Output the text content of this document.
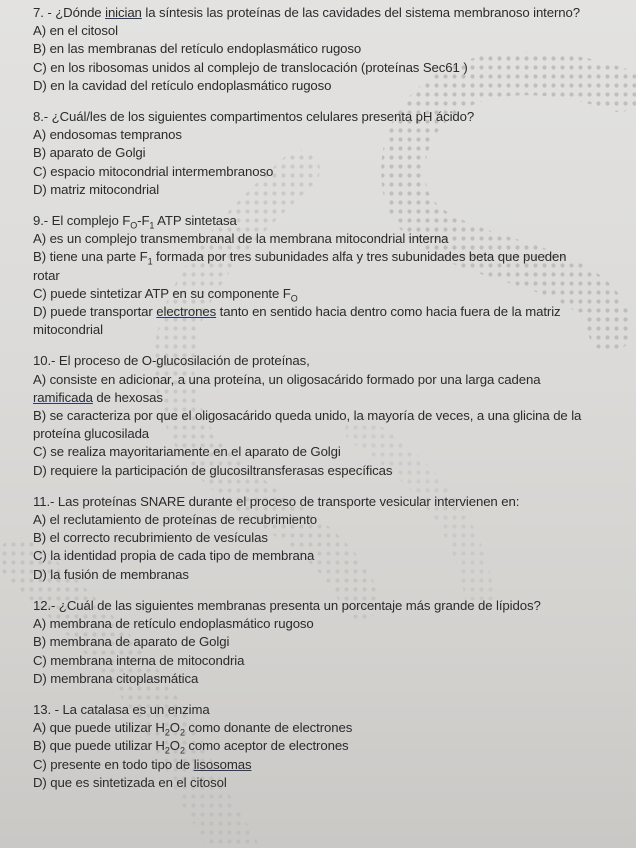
7. - ¿Dónde inician la síntesis las proteínas de las cavidades del sistema membranoso interno?
A) en el citosol
B) en las membranas del retículo endoplasmático rugoso
C) en los ribosomas unidos al complejo de translocación (proteínas Sec61 )
D) en la cavidad del retículo endoplasmático rugoso
8.- ¿Cuál/les de los siguientes compartimentos celulares presenta pH ácido?
A) endosomas tempranos
B) aparato de Golgi
C) espacio mitocondrial intermembranoso
D) matriz mitocondrial
9.- El complejo $F_O-F_1$ ATP sintetasa
A) es un complejo transmembranal de la membrana mitocondrial interna
B) tiene una parte $F_1$ formada por tres subunidades alfa y tres subunidades beta que pueden
rotar
C) puede sintetizar ATP en su componente $F_O$
D) puede transportar electrones tanto en sentido hacia dentro como hacia fuera de la matriz
mitocondrial
10.- El proceso de O-glucosilación de proteínas,
A) consiste en adicionar, a una proteína, un oligosacárido formado por una larga cadena
ramificada de hexosas
B) se caracteriza por que el oligosacárido queda unido, la mayoría de veces, a una glicina de la
proteína glucosilada
C) se realiza mayoritariamente en el aparato de Golgi
D) requiere la participación de glucosiltransferasas específicas
11.- Las proteínas SNARE durante el proceso de transporte vesicular intervienen en:
A) el reclutamiento de proteínas de recubrimiento
B) el correcto recubrimiento de vesículas
C) la identidad propia de cada tipo de membrana
D) la fusión de membranas
12.- ¿Cuál de las siguientes membranas presenta un porcentaje más grande de lípidos?
A) membrana de retículo endoplasmático rugoso
B) membrana de aparato de Golgi
C) membrana interna de mitocondria
D) membrana citoplasmática
13. - La catalasa es un enzima
A) que puede utilizar $H_2O_2$ como donante de electrones
B) que puede utilizar $H_2O_2$ como aceptor de electrones
C) presente en todo tipo de lisosomas
D) que es sintetizada en el citosol
